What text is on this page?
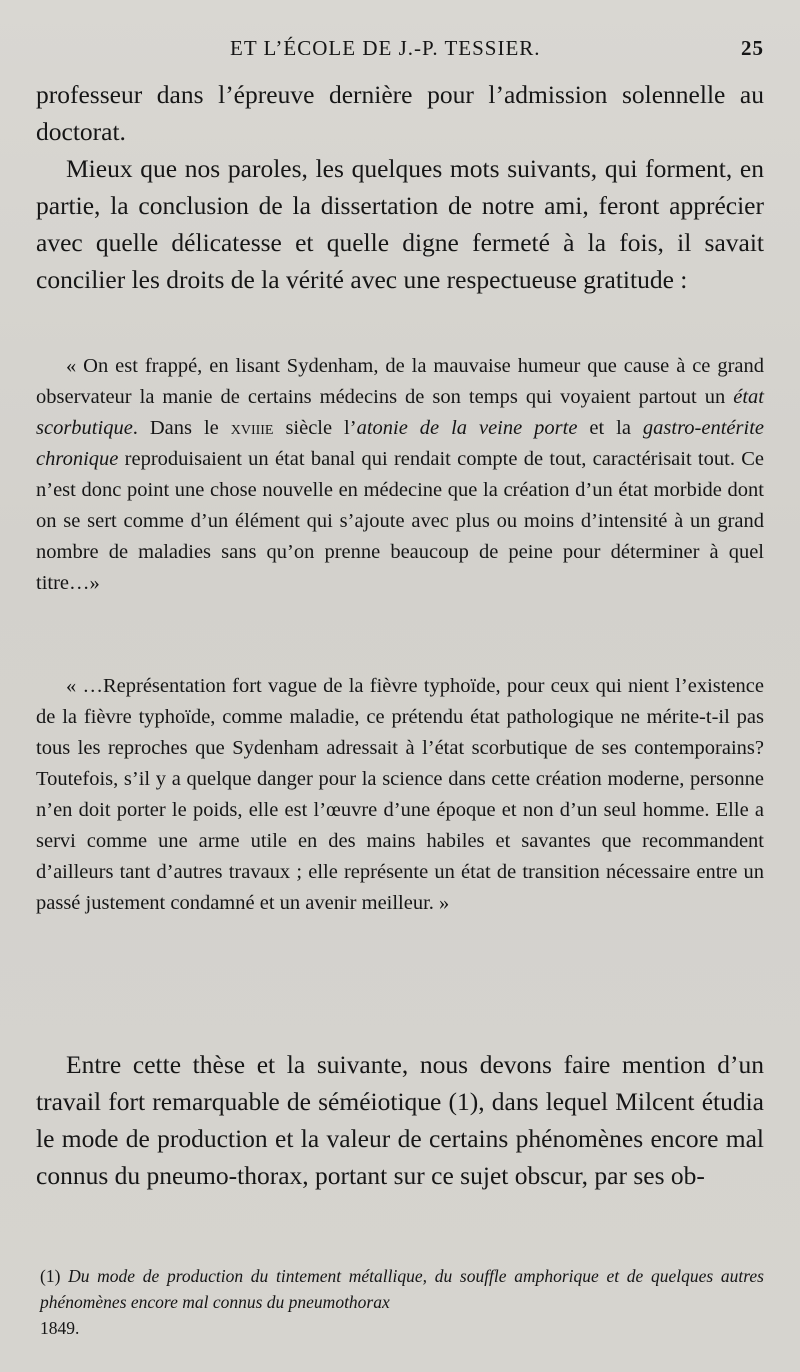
ET L’ÉCOLE DE J.-P. TESSIER.	25

professeur dans l’épreuve dernière pour l’admission solennelle au doctorat.

Mieux que nos paroles, les quelques mots suivants, qui forment, en partie, la conclusion de la dissertation de notre ami, feront apprécier avec quelle délicatesse et quelle digne fermeté à la fois, il savait concilier les droits de la vérité avec une respectueuse gratitude :

« On est frappé, en lisant Sydenham, de la mauvaise humeur que cause à ce grand observateur la manie de certains médecins de son temps qui voyaient partout un état scorbutique. Dans le xviiie siècle l’atonie de la veine porte et la gastro-entérite chronique reproduisaient un état banal qui rendait compte de tout, caractérisait tout. Ce n’est donc point une chose nouvelle en médecine que la création d’un état morbide dont on se sert comme d’un élément qui s’ajoute avec plus ou moins d’intensité à un grand nombre de maladies sans qu’on prenne beaucoup de peine pour déterminer à quel titre…»

« …Représentation fort vague de la fièvre typhoïde, pour ceux qui nient l’existence de la fièvre typhoïde, comme maladie, ce prétendu état pathologique ne mérite-t-il pas tous les reproches que Sydenham adressait à l’état scorbutique de ses contemporains? Toutefois, s’il y a quelque danger pour la science dans cette création moderne, personne n’en doit porter le poids, elle est l’œuvre d’une époque et non d’un seul homme. Elle a servi comme une arme utile en des mains habiles et savantes que recommandent d’ailleurs tant d’autres travaux ; elle représente un état de transition nécessaire entre un passé justement condamné et un avenir meilleur. »

Entre cette thèse et la suivante, nous devons faire mention d’un travail fort remarquable de séméiotique (1), dans lequel Milcent étudia le mode de production et la valeur de certains phénomènes encore mal connus du pneumo-thorax, portant sur ce sujet obscur, par ses ob-

(1) Du mode de production du tintement métallique, du souffle amphorique et de quelques autres phénomènes encore mal connus du pneumothorax
1849.
